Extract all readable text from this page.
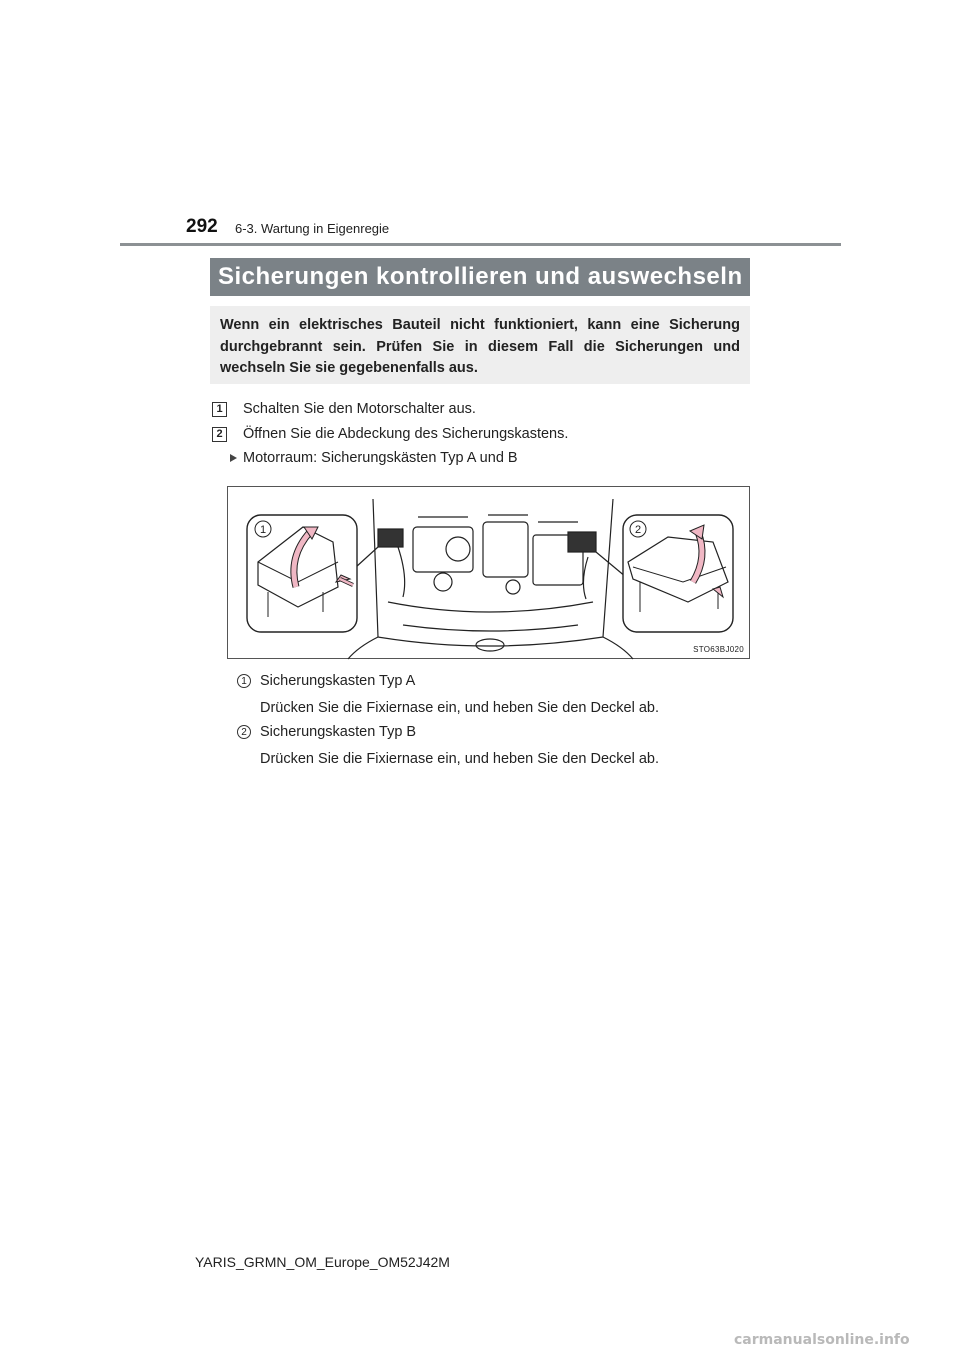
292 6-3. Wartung in Eigenregie
Sicherungen kontrollieren und auswechseln
Wenn ein elektrisches Bauteil nicht funktioniert, kann eine Sicherung durchgebrannt sein. Prüfen Sie in diesem Fall die Sicherungen und wechseln Sie sie gegebenenfalls aus.
1	Schalten Sie den Motorschalter aus.
2	Öffnen Sie die Abdeckung des Sicherungskastens.
Motorraum: Sicherungskästen Typ A und B
1	2
STO63BJ020
1 Sicherungskasten Typ A
Drücken Sie die Fixiernase ein, und heben Sie den Deckel ab.
2 Sicherungskasten Typ B
Drücken Sie die Fixiernase ein, und heben Sie den Deckel ab.
YARIS_GRMN_OM_Europe_OM52J42M
carmanualsonline.info
